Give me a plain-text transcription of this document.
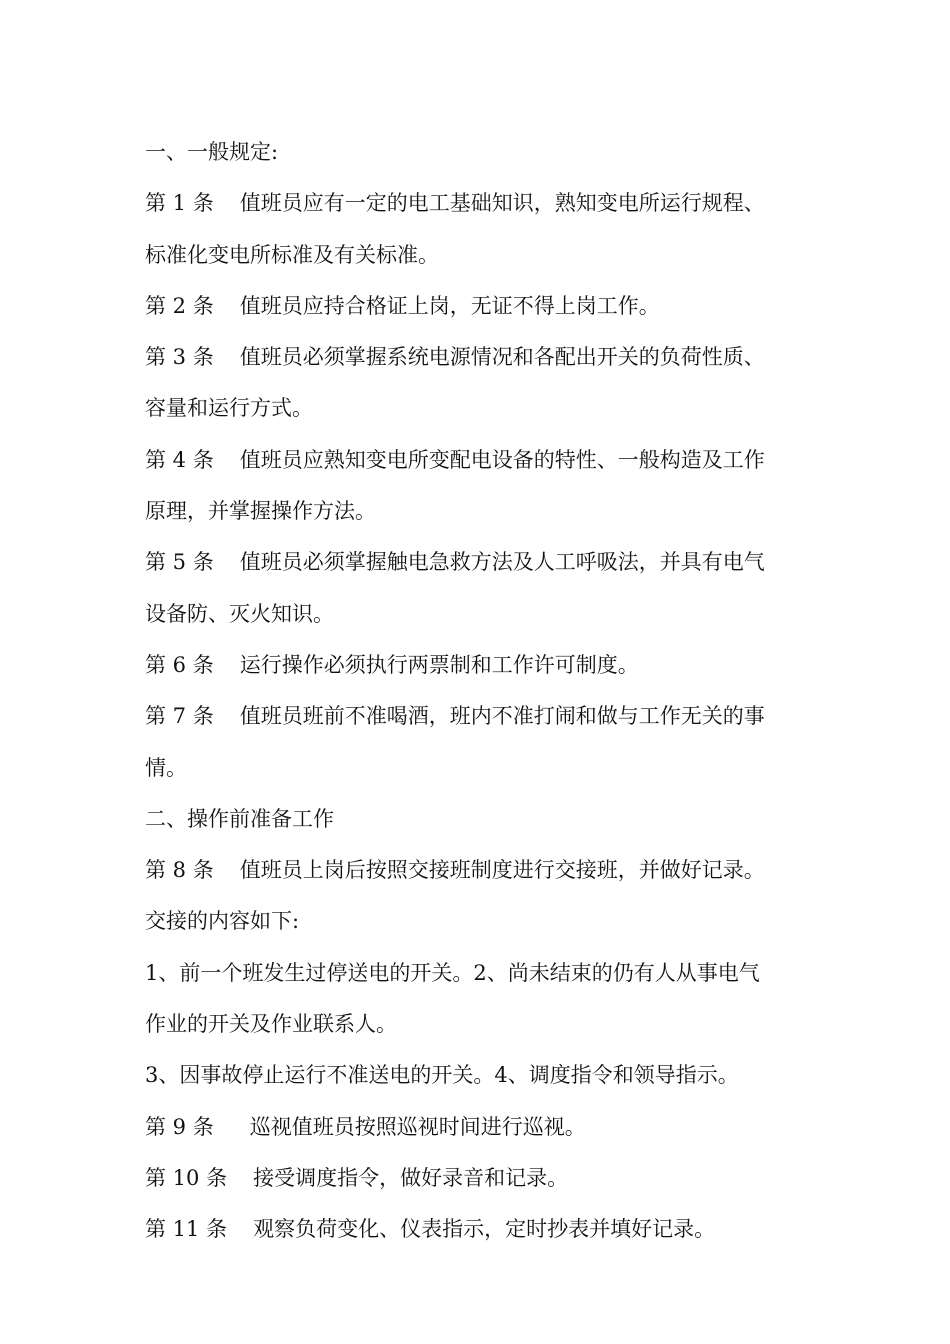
一、一般规定:
第 1 条 值班员应有一定的电工基础知识，熟知变电所运行规程、
标准化变电所标准及有关标准。
第 2 条 值班员应持合格证上岗，无证不得上岗工作。
第 3 条 值班员必须掌握系统电源情况和各配出开关的负荷性质、
容量和运行方式。
第 4 条 值班员应熟知变电所变配电设备的特性、一般构造及工作
原理，并掌握操作方法。
第 5 条 值班员必须掌握触电急救方法及人工呼吸法，并具有电气
设备防、灭火知识。
第 6 条 运行操作必须执行两票制和工作许可制度。
第 7 条 值班员班前不准喝酒，班内不准打闹和做与工作无关的事
情。
二、操作前准备工作
第 8 条 值班员上岗后按照交接班制度进行交接班，并做好记录。
交接的内容如下:
1、前一个班发生过停送电的开关。2、尚未结束的仍有人从事电气
作业的开关及作业联系人。
3、因事故停止运行不准送电的开关。4、调度指令和领导指示。
第 9 条 巡视值班员按照巡视时间进行巡视。
第 10 条 接受调度指令，做好录音和记录。
第 11 条 观察负荷变化、仪表指示，定时抄表并填好记录。
